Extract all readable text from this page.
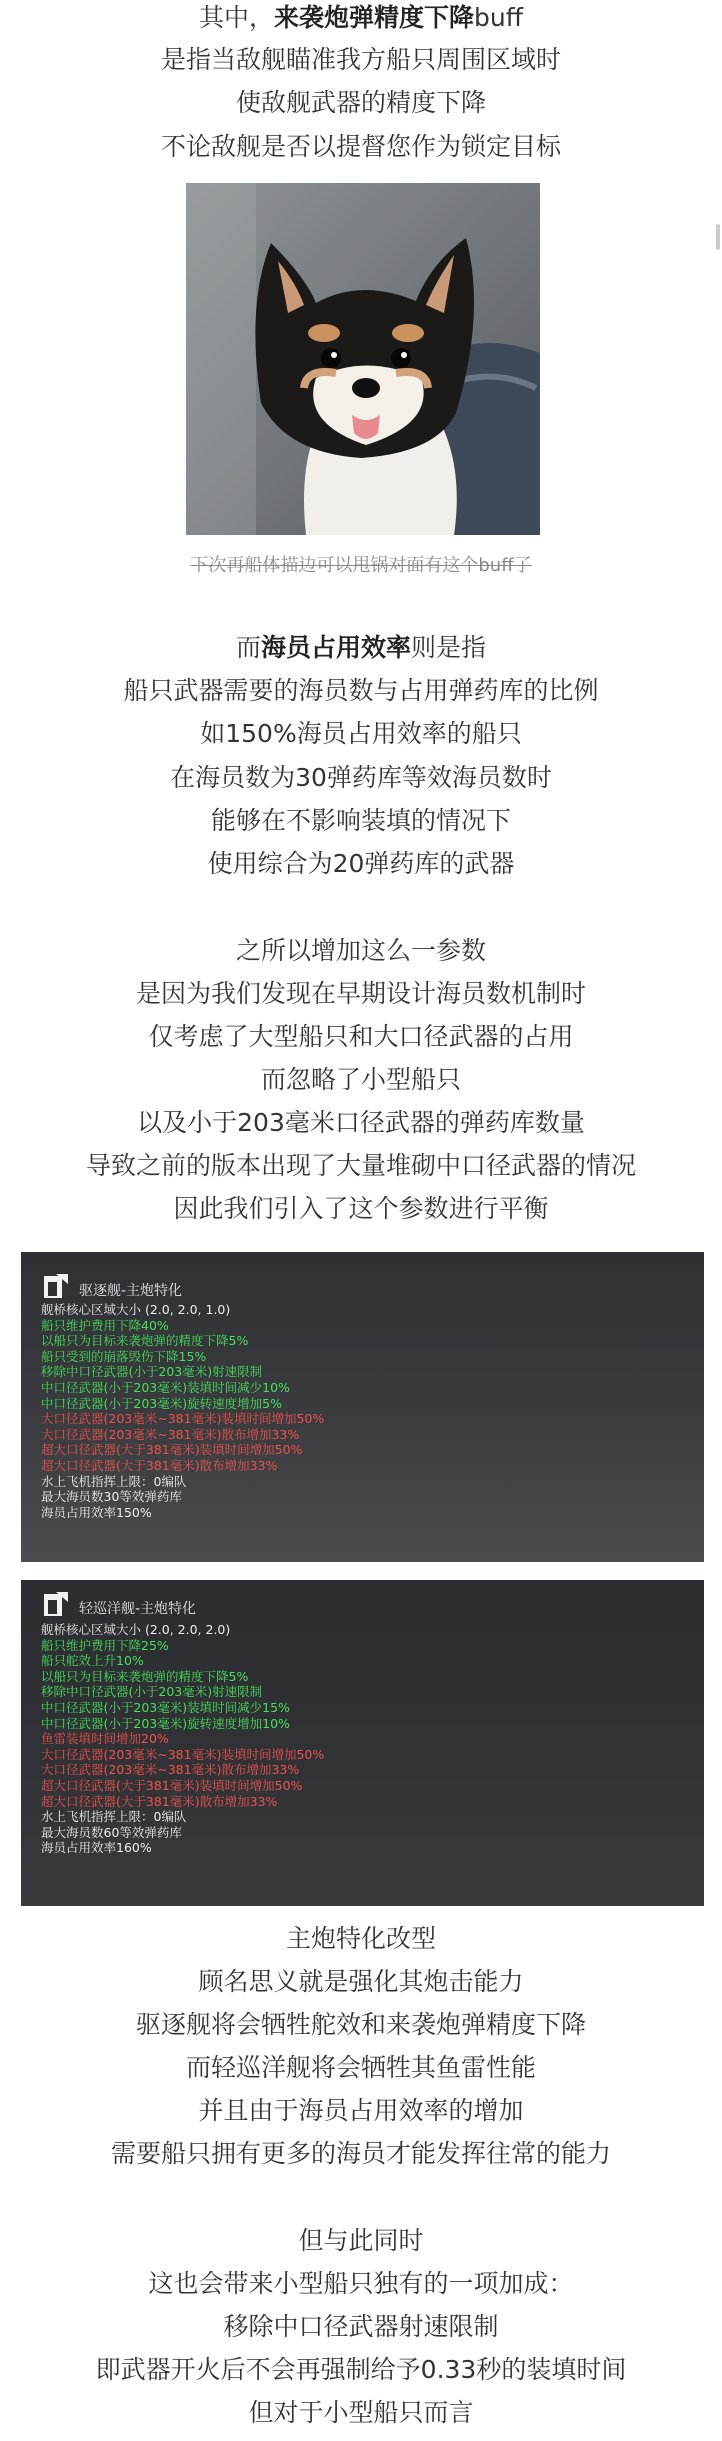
其中，来袭炮弹精度下降buff
是指当敌舰瞄准我方船只周围区域时
使敌舰武器的精度下降
不论敌舰是否以提督您作为锁定目标
下次再船体描边可以甩锅对面有这个buff了
而海员占用效率则是指
船只武器需要的海员数与占用弹药库的比例
如150%海员占用效率的船只
在海员数为30弹药库等效海员数时
能够在不影响装填的情况下
使用综合为20弹药库的武器
之所以增加这么一参数
是因为我们发现在早期设计海员数机制时
仅考虑了大型船只和大口径武器的占用
而忽略了小型船只
以及小于203毫米口径武器的弹药库数量
导致之前的版本出现了大量堆砌中口径武器的情况
因此我们引入了这个参数进行平衡
驱逐舰-主炮特化
舰桥核心区域大小 (2.0, 2.0, 1.0)
船只维护费用下降40%
以船只为目标来袭炮弹的精度下降5%
船只受到的崩落毁伤下降15%
移除中口径武器(小于203毫米)射速限制
中口径武器(小于203毫米)装填时间减少10%
中口径武器(小于203毫米)旋转速度增加5%
大口径武器(203毫米~381毫米)装填时间增加50%
大口径武器(203毫米~381毫米)散布增加33%
超大口径武器(大于381毫米)装填时间增加50%
超大口径武器(大于381毫米)散布增加33%
水上飞机指挥上限：0编队
最大海员数30等效弹药库
海员占用效率150%
轻巡洋舰-主炮特化
舰桥核心区域大小 (2.0, 2.0, 2.0)
船只维护费用下降25%
船只舵效上升10%
以船只为目标来袭炮弹的精度下降5%
移除中口径武器(小于203毫米)射速限制
中口径武器(小于203毫米)装填时间减少15%
中口径武器(小于203毫米)旋转速度增加10%
鱼雷装填时间增加20%
大口径武器(203毫米~381毫米)装填时间增加50%
大口径武器(203毫米~381毫米)散布增加33%
超大口径武器(大于381毫米)装填时间增加50%
超大口径武器(大于381毫米)散布增加33%
水上飞机指挥上限：0编队
最大海员数60等效弹药库
海员占用效率160%
主炮特化改型
顾名思义就是强化其炮击能力
驱逐舰将会牺牲舵效和来袭炮弹精度下降
而轻巡洋舰将会牺牲其鱼雷性能
并且由于海员占用效率的增加
需要船只拥有更多的海员才能发挥往常的能力
但与此同时
这也会带来小型船只独有的一项加成：
移除中口径武器射速限制
即武器开火后不会再强制给予0.33秒的装填时间
但对于小型船只而言
